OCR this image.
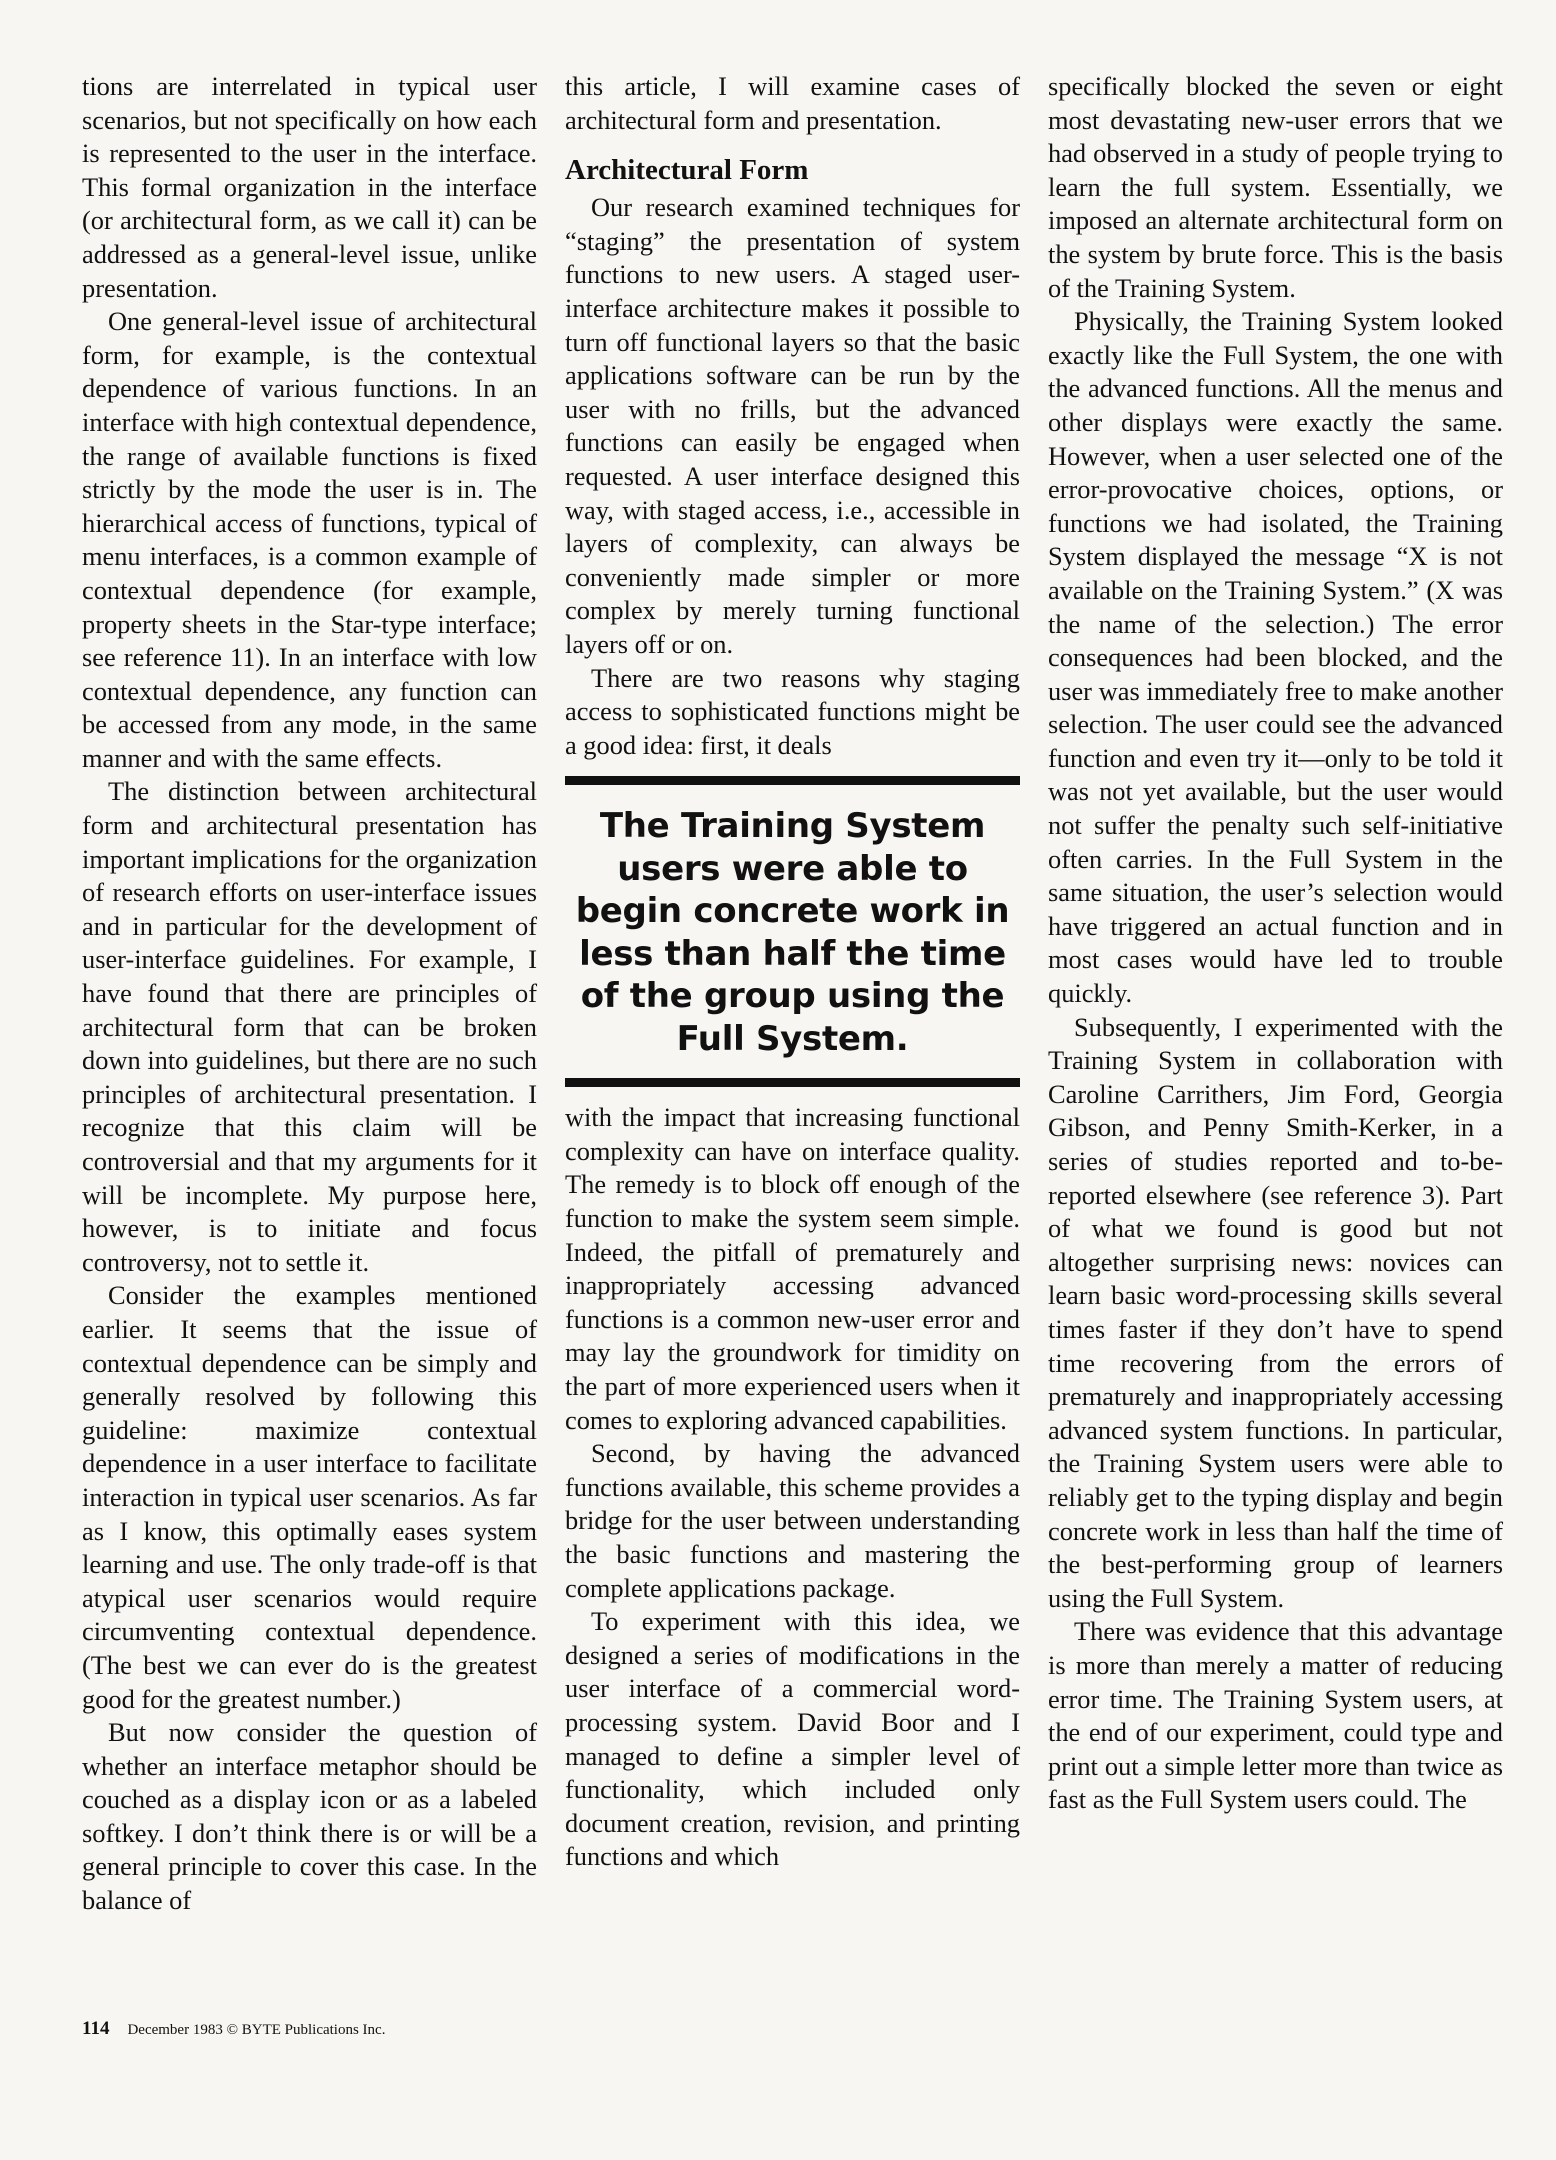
tions are interrelated in typical user scenarios, but not specifically on how each is represented to the user in the interface. This formal organization in the interface (or architectural form, as we call it) can be addressed as a general-level issue, unlike presentation.

One general-level issue of architectural form, for example, is the contextual dependence of various functions. In an interface with high contextual dependence, the range of available functions is fixed strictly by the mode the user is in. The hierarchical access of functions, typical of menu interfaces, is a common example of contextual dependence (for example, property sheets in the Star-type interface; see reference 11). In an interface with low contextual dependence, any function can be accessed from any mode, in the same manner and with the same effects.

The distinction between architectural form and architectural presentation has important implications for the organization of research efforts on user-interface issues and in particular for the development of user-interface guidelines. For example, I have found that there are principles of architectural form that can be broken down into guidelines, but there are no such principles of architectural presentation. I recognize that this claim will be controversial and that my arguments for it will be incomplete. My purpose here, however, is to initiate and focus controversy, not to settle it.

Consider the examples mentioned earlier. It seems that the issue of contextual dependence can be simply and generally resolved by following this guideline: maximize contextual dependence in a user interface to facilitate interaction in typical user scenarios. As far as I know, this optimally eases system learning and use. The only trade-off is that atypical user scenarios would require circumventing contextual dependence. (The best we can ever do is the greatest good for the greatest number.)

But now consider the question of whether an interface metaphor should be couched as a display icon or as a labeled softkey. I don’t think there is or will be a general principle to cover this case. In the balance of

this article, I will examine cases of architectural form and presentation.

Architectural Form

Our research examined techniques for “staging” the presentation of system functions to new users. A staged user-interface architecture makes it possible to turn off functional layers so that the basic applications software can be run by the user with no frills, but the advanced functions can easily be engaged when requested. A user interface designed this way, with staged access, i.e., accessible in layers of complexity, can always be conveniently made simpler or more complex by merely turning functional layers off or on.

There are two reasons why staging access to sophisticated functions might be a good idea: first, it deals

The Training System users were able to begin concrete work in less than half the time of the group using the Full System.

with the impact that increasing functional complexity can have on interface quality. The remedy is to block off enough of the function to make the system seem simple. Indeed, the pitfall of prematurely and inappropriately accessing advanced functions is a common new-user error and may lay the groundwork for timidity on the part of more experienced users when it comes to exploring advanced capabilities.

Second, by having the advanced functions available, this scheme provides a bridge for the user between understanding the basic functions and mastering the complete applications package.

To experiment with this idea, we designed a series of modifications in the user interface of a commercial word-processing system. David Boor and I managed to define a simpler level of functionality, which included only document creation, revision, and printing functions and which

specifically blocked the seven or eight most devastating new-user errors that we had observed in a study of people trying to learn the full system. Essentially, we imposed an alternate architectural form on the system by brute force. This is the basis of the Training System.

Physically, the Training System looked exactly like the Full System, the one with the advanced functions. All the menus and other displays were exactly the same. However, when a user selected one of the error-provocative choices, options, or functions we had isolated, the Training System displayed the message “X is not available on the Training System.” (X was the name of the selection.) The error consequences had been blocked, and the user was immediately free to make another selection. The user could see the advanced function and even try it—only to be told it was not yet available, but the user would not suffer the penalty such self-initiative often carries. In the Full System in the same situation, the user’s selection would have triggered an actual function and in most cases would have led to trouble quickly.

Subsequently, I experimented with the Training System in collaboration with Caroline Carrithers, Jim Ford, Georgia Gibson, and Penny Smith-Kerker, in a series of studies reported and to-be-reported elsewhere (see reference 3). Part of what we found is good but not altogether surprising news: novices can learn basic word-processing skills several times faster if they don’t have to spend time recovering from the errors of prematurely and inappropriately accessing advanced system functions. In particular, the Training System users were able to reliably get to the typing display and begin concrete work in less than half the time of the best-performing group of learners using the Full System.

There was evidence that this advantage is more than merely a matter of reducing error time. The Training System users, at the end of our experiment, could type and print out a simple letter more than twice as fast as the Full System users could. The

114 December 1983 © BYTE Publications Inc.
